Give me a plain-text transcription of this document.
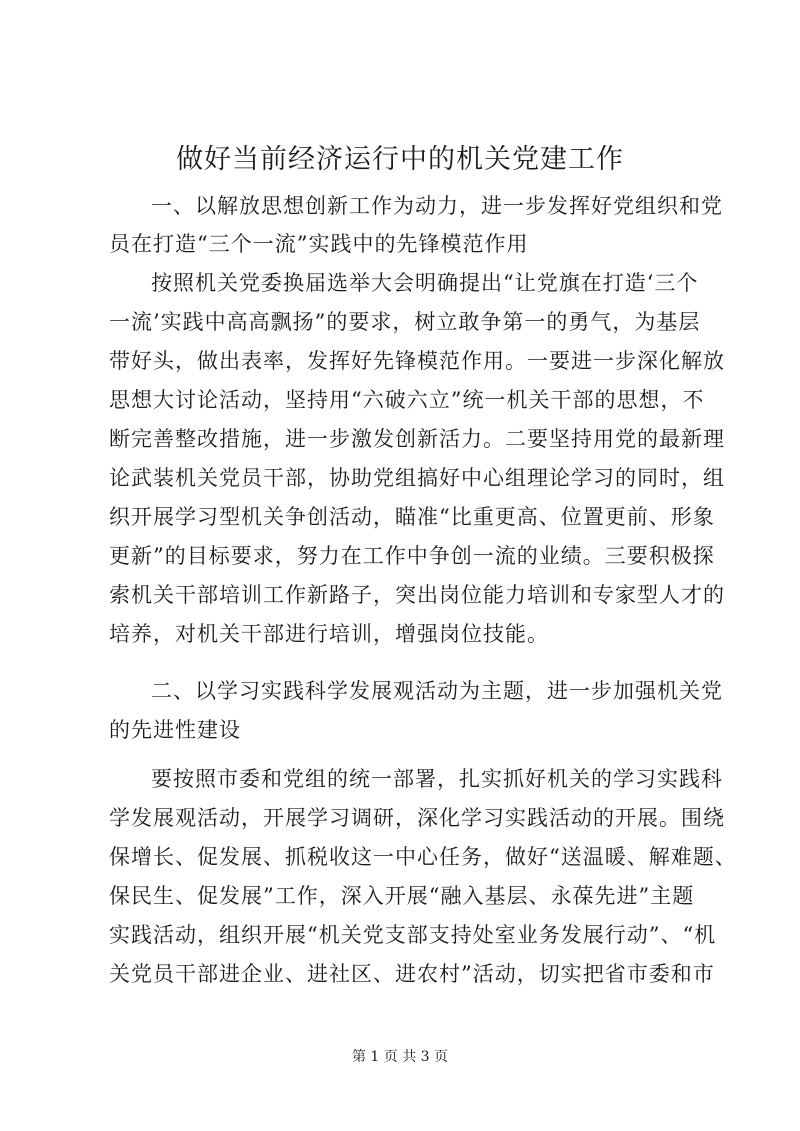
做好当前经济运行中的机关党建工作
一、以解放思想创新工作为动力，进一步发挥好党组织和党
员在打造“三个一流”实践中的先锋模范作用
按照机关党委换届选举大会明确提出“让党旗在打造‘三个
一流’实践中高高飘扬”的要求，树立敢争第一的勇气，为基层
带好头，做出表率，发挥好先锋模范作用。一要进一步深化解放
思想大讨论活动，坚持用“六破六立”统一机关干部的思想，不
断完善整改措施，进一步激发创新活力。二要坚持用党的最新理
论武装机关党员干部，协助党组搞好中心组理论学习的同时，组
织开展学习型机关争创活动，瞄准“比重更高、位置更前、形象
更新”的目标要求，努力在工作中争创一流的业绩。三要积极探
索机关干部培训工作新路子，突出岗位能力培训和专家型人才的
培养，对机关干部进行培训，增强岗位技能。
二、以学习实践科学发展观活动为主题，进一步加强机关党
的先进性建设
要按照市委和党组的统一部署，扎实抓好机关的学习实践科
学发展观活动，开展学习调研，深化学习实践活动的开展。围绕
保增长、促发展、抓税收这一中心任务，做好“送温暖、解难题、
保民生、促发展”工作，深入开展“融入基层、永葆先进”主题
实践活动，组织开展“机关党支部支持处室业务发展行动”、“机
关党员干部进企业、进社区、进农村”活动，切实把省市委和市
第 1 页 共 3 页
